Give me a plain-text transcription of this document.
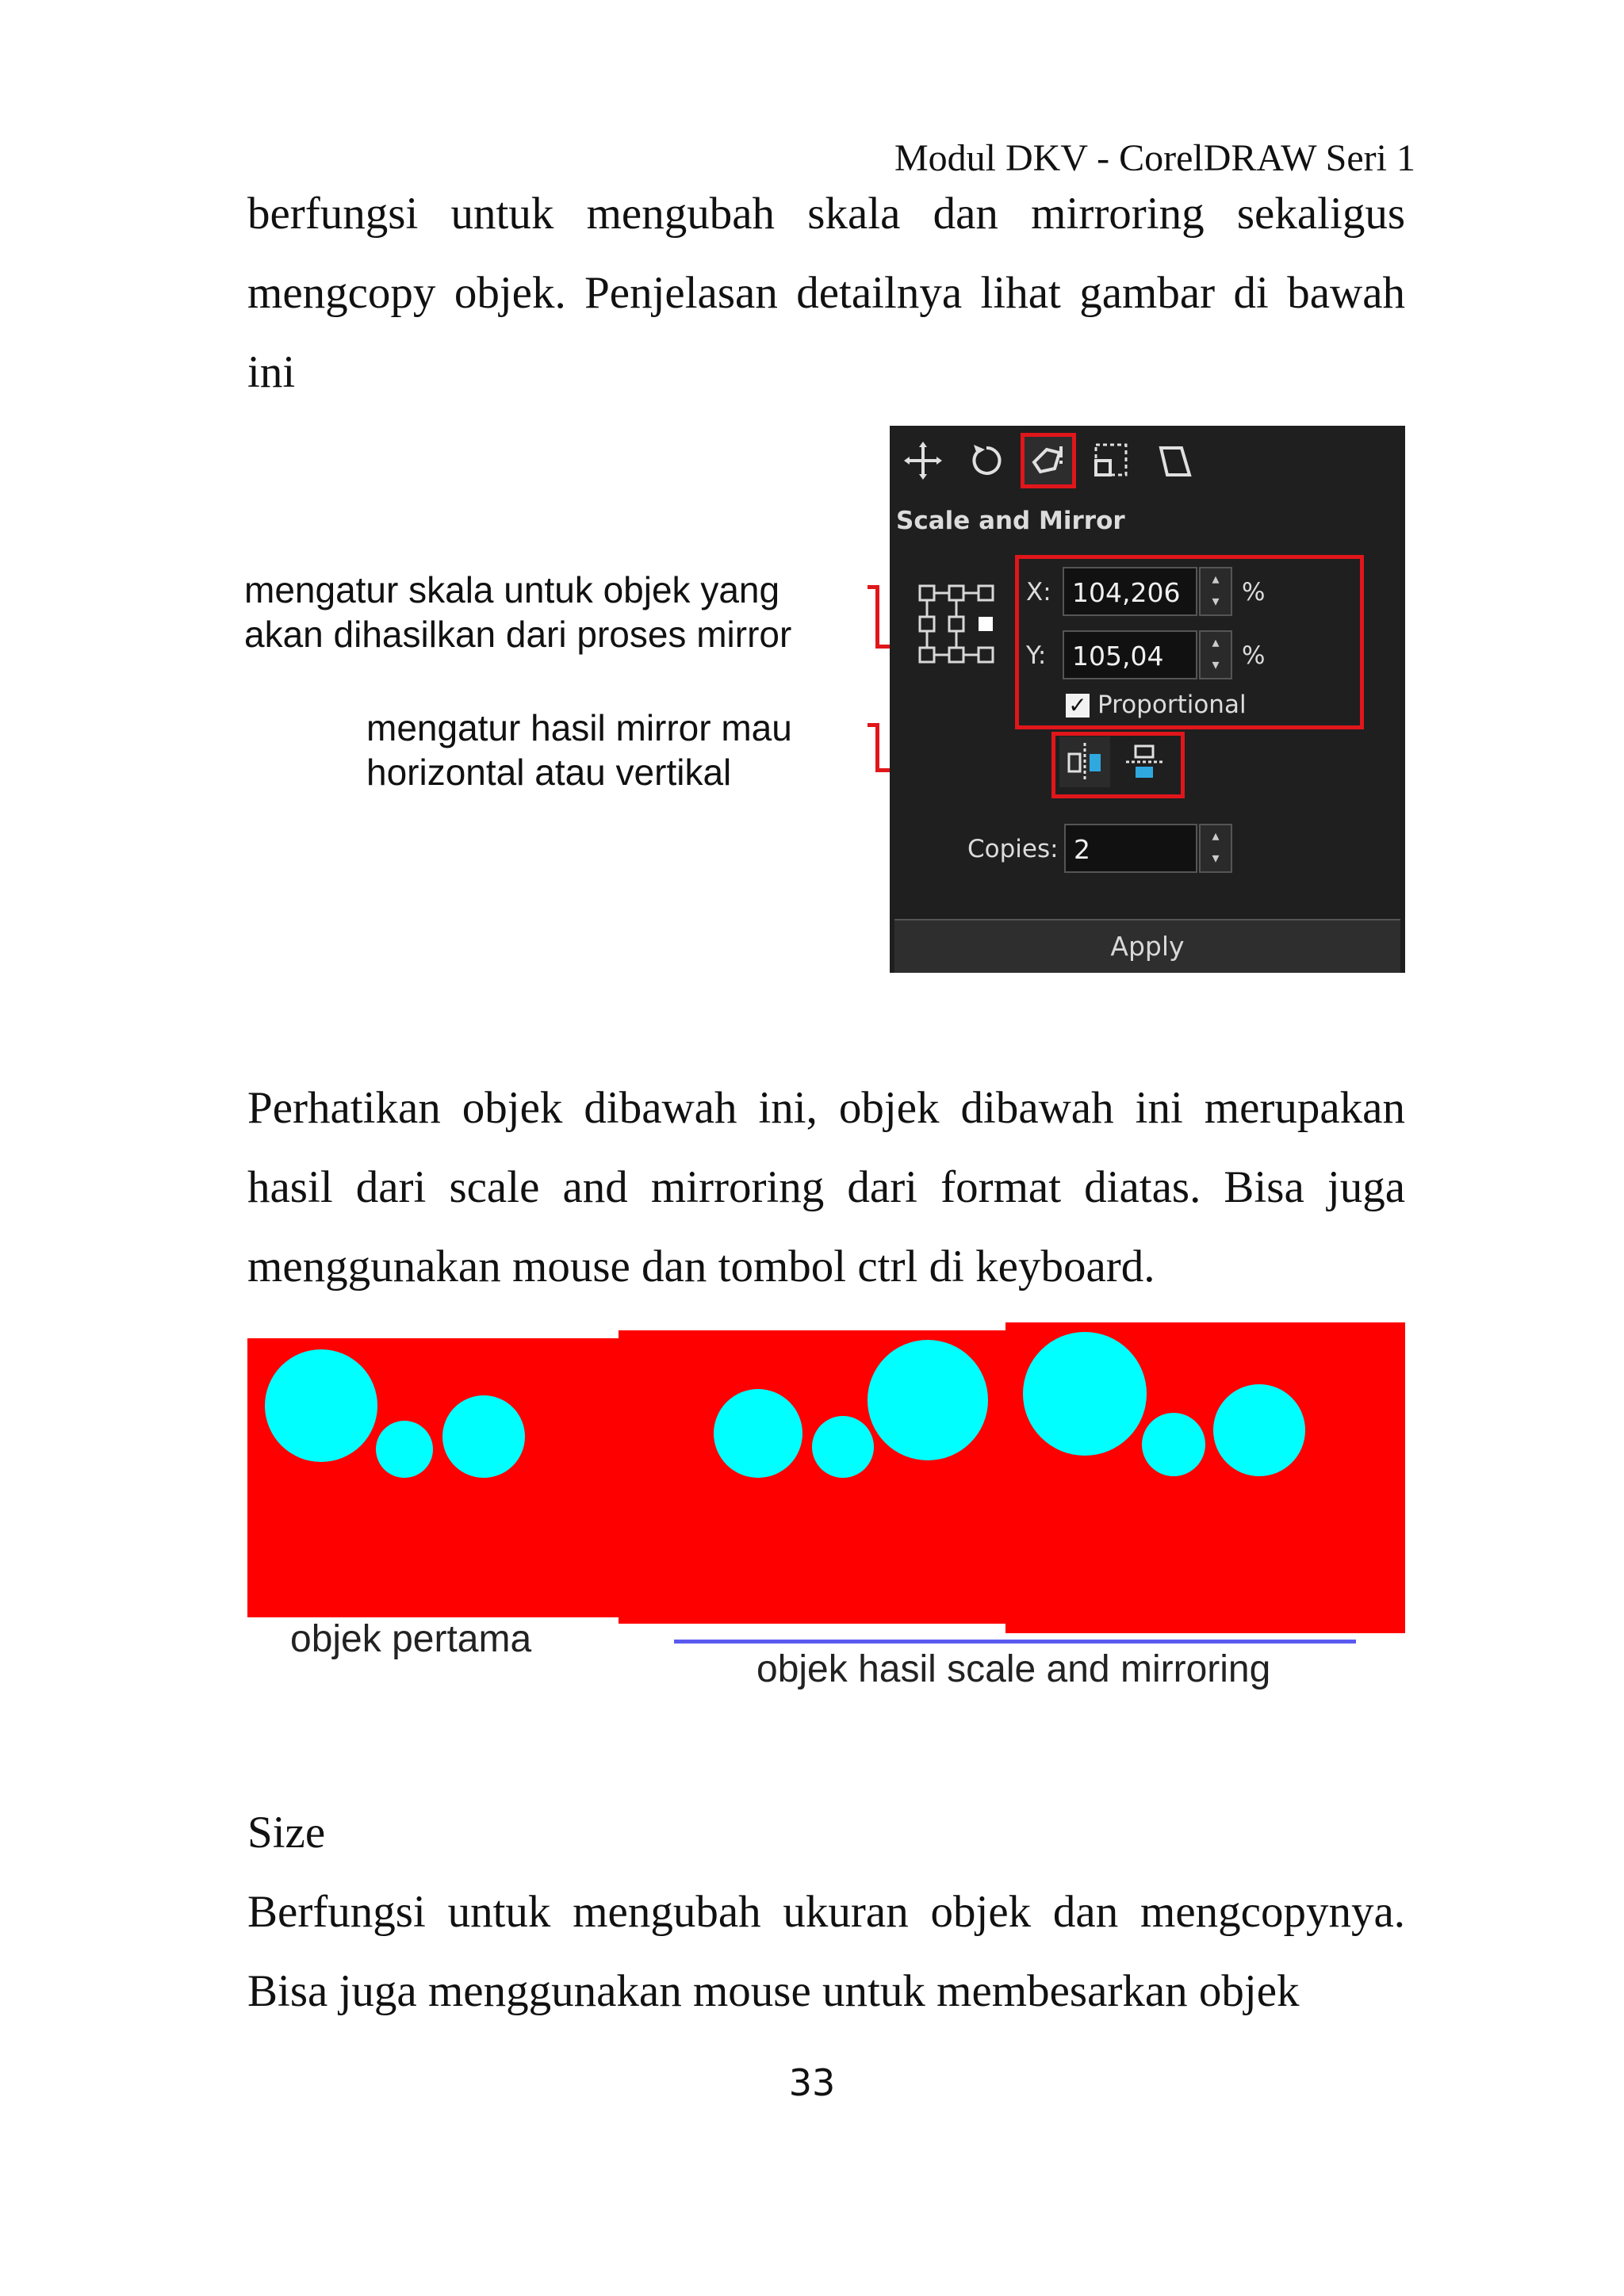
Modul DKV - CorelDRAW Seri 1
berfungsi untuk mengubah skala dan mirroring sekaligus
mengcopy objek. Penjelasan detailnya lihat gambar di bawah
ini
mengatur skala untuk objek yang
akan dihasilkan dari proses mirror
mengatur hasil mirror mau
horizontal atau vertikal
Scale and Mirror
X: 104,206	▴
▾ %
Y: 105,04	▴
▾ %
✓ Proportional
Copies: 2	▴
▾
Apply
Perhatikan objek dibawah ini, objek dibawah ini merupakan
hasil dari scale and mirroring dari format diatas. Bisa juga
menggunakan mouse dan tombol ctrl di keyboard.
objek pertama
objek hasil scale and mirroring
Size
Berfungsi untuk mengubah ukuran objek dan mengcopynya.
Bisa juga menggunakan mouse untuk membesarkan objek
33
